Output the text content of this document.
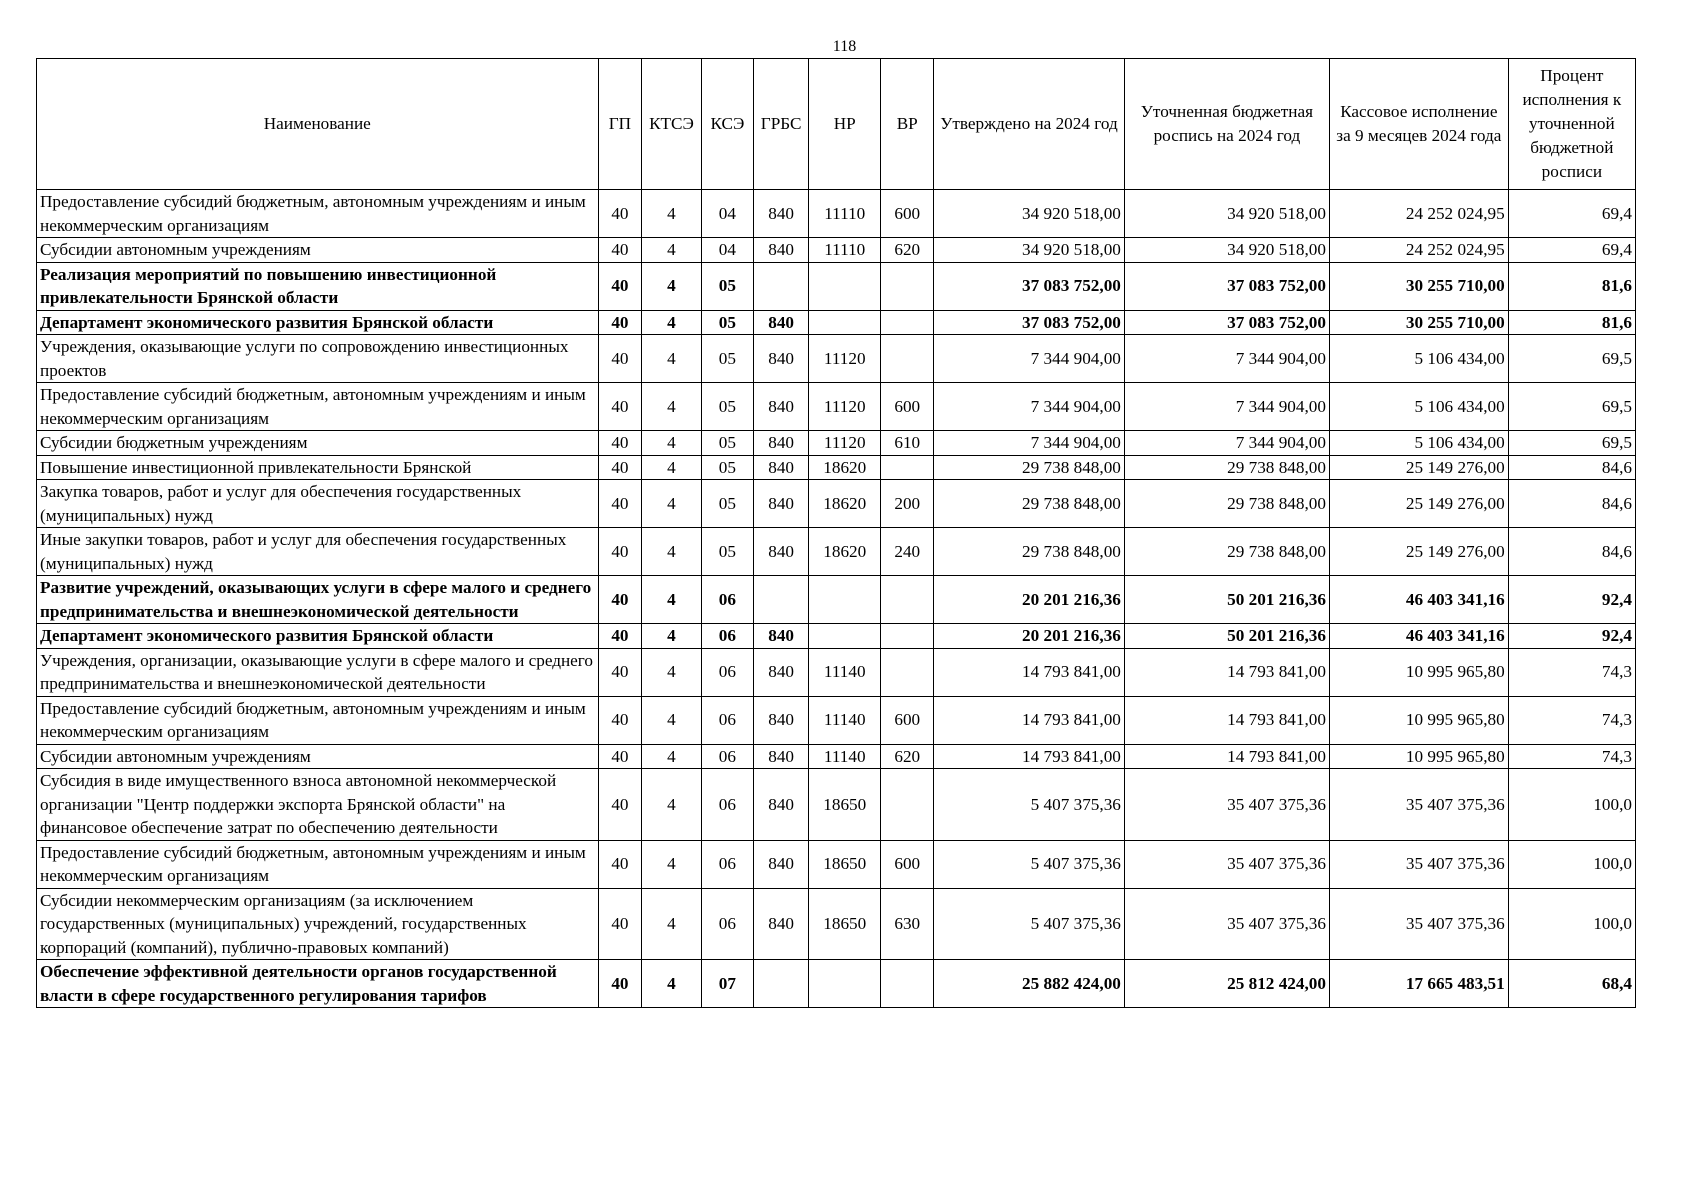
118
Наименование	ГП	КТСЭ	КСЭ	ГРБС	НР	ВР	Утверждено на 2024 год	Уточненная бюджетная роспись на 2024 год	Кассовое исполнение за 9 месяцев 2024 года	Процент исполнения к уточненной бюджетной росписи
Предоставление субсидий бюджетным, автономным учреждениям и иным некоммерческим организациям	40	4	04	840	11110	600	34 920 518,00	34 920 518,00	24 252 024,95	69,4
Субсидии автономным учреждениям	40	4	04	840	11110	620	34 920 518,00	34 920 518,00	24 252 024,95	69,4
Реализация мероприятий по повышению инвестиционной привлекательности Брянской области	40	4	05				37 083 752,00	37 083 752,00	30 255 710,00	81,6
Департамент экономического развития Брянской области	40	4	05	840			37 083 752,00	37 083 752,00	30 255 710,00	81,6
Учреждения, оказывающие услуги по сопровождению инвестиционных проектов	40	4	05	840	11120		7 344 904,00	7 344 904,00	5 106 434,00	69,5
Предоставление субсидий бюджетным, автономным учреждениям и иным некоммерческим организациям	40	4	05	840	11120	600	7 344 904,00	7 344 904,00	5 106 434,00	69,5
Субсидии бюджетным учреждениям	40	4	05	840	11120	610	7 344 904,00	7 344 904,00	5 106 434,00	69,5
Повышение инвестиционной привлекательности Брянской	40	4	05	840	18620		29 738 848,00	29 738 848,00	25 149 276,00	84,6
Закупка товаров, работ и услуг для обеспечения государственных (муниципальных) нужд	40	4	05	840	18620	200	29 738 848,00	29 738 848,00	25 149 276,00	84,6
Иные закупки товаров, работ и услуг для обеспечения государственных (муниципальных) нужд	40	4	05	840	18620	240	29 738 848,00	29 738 848,00	25 149 276,00	84,6
Развитие учреждений, оказывающих услуги в сфере малого и среднего предпринимательства и внешнеэкономической деятельности	40	4	06				20 201 216,36	50 201 216,36	46 403 341,16	92,4
Департамент экономического развития Брянской области	40	4	06	840			20 201 216,36	50 201 216,36	46 403 341,16	92,4
Учреждения, организации, оказывающие услуги в сфере малого и среднего предпринимательства и внешнеэкономической деятельности	40	4	06	840	11140		14 793 841,00	14 793 841,00	10 995 965,80	74,3
Предоставление субсидий бюджетным, автономным учреждениям и иным некоммерческим организациям	40	4	06	840	11140	600	14 793 841,00	14 793 841,00	10 995 965,80	74,3
Субсидии автономным учреждениям	40	4	06	840	11140	620	14 793 841,00	14 793 841,00	10 995 965,80	74,3
Субсидия в виде имущественного взноса автономной некоммерческой организации "Центр поддержки экспорта Брянской области" на финансовое обеспечение затрат по обеспечению деятельности	40	4	06	840	18650		5 407 375,36	35 407 375,36	35 407 375,36	100,0
Предоставление субсидий бюджетным, автономным учреждениям и иным некоммерческим организациям	40	4	06	840	18650	600	5 407 375,36	35 407 375,36	35 407 375,36	100,0
Субсидии некоммерческим организациям (за исключением государственных (муниципальных) учреждений, государственных корпораций (компаний), публично-правовых компаний)	40	4	06	840	18650	630	5 407 375,36	35 407 375,36	35 407 375,36	100,0
Обеспечение эффективной деятельности органов государственной власти в сфере государственного регулирования тарифов	40	4	07				25 882 424,00	25 812 424,00	17 665 483,51	68,4
